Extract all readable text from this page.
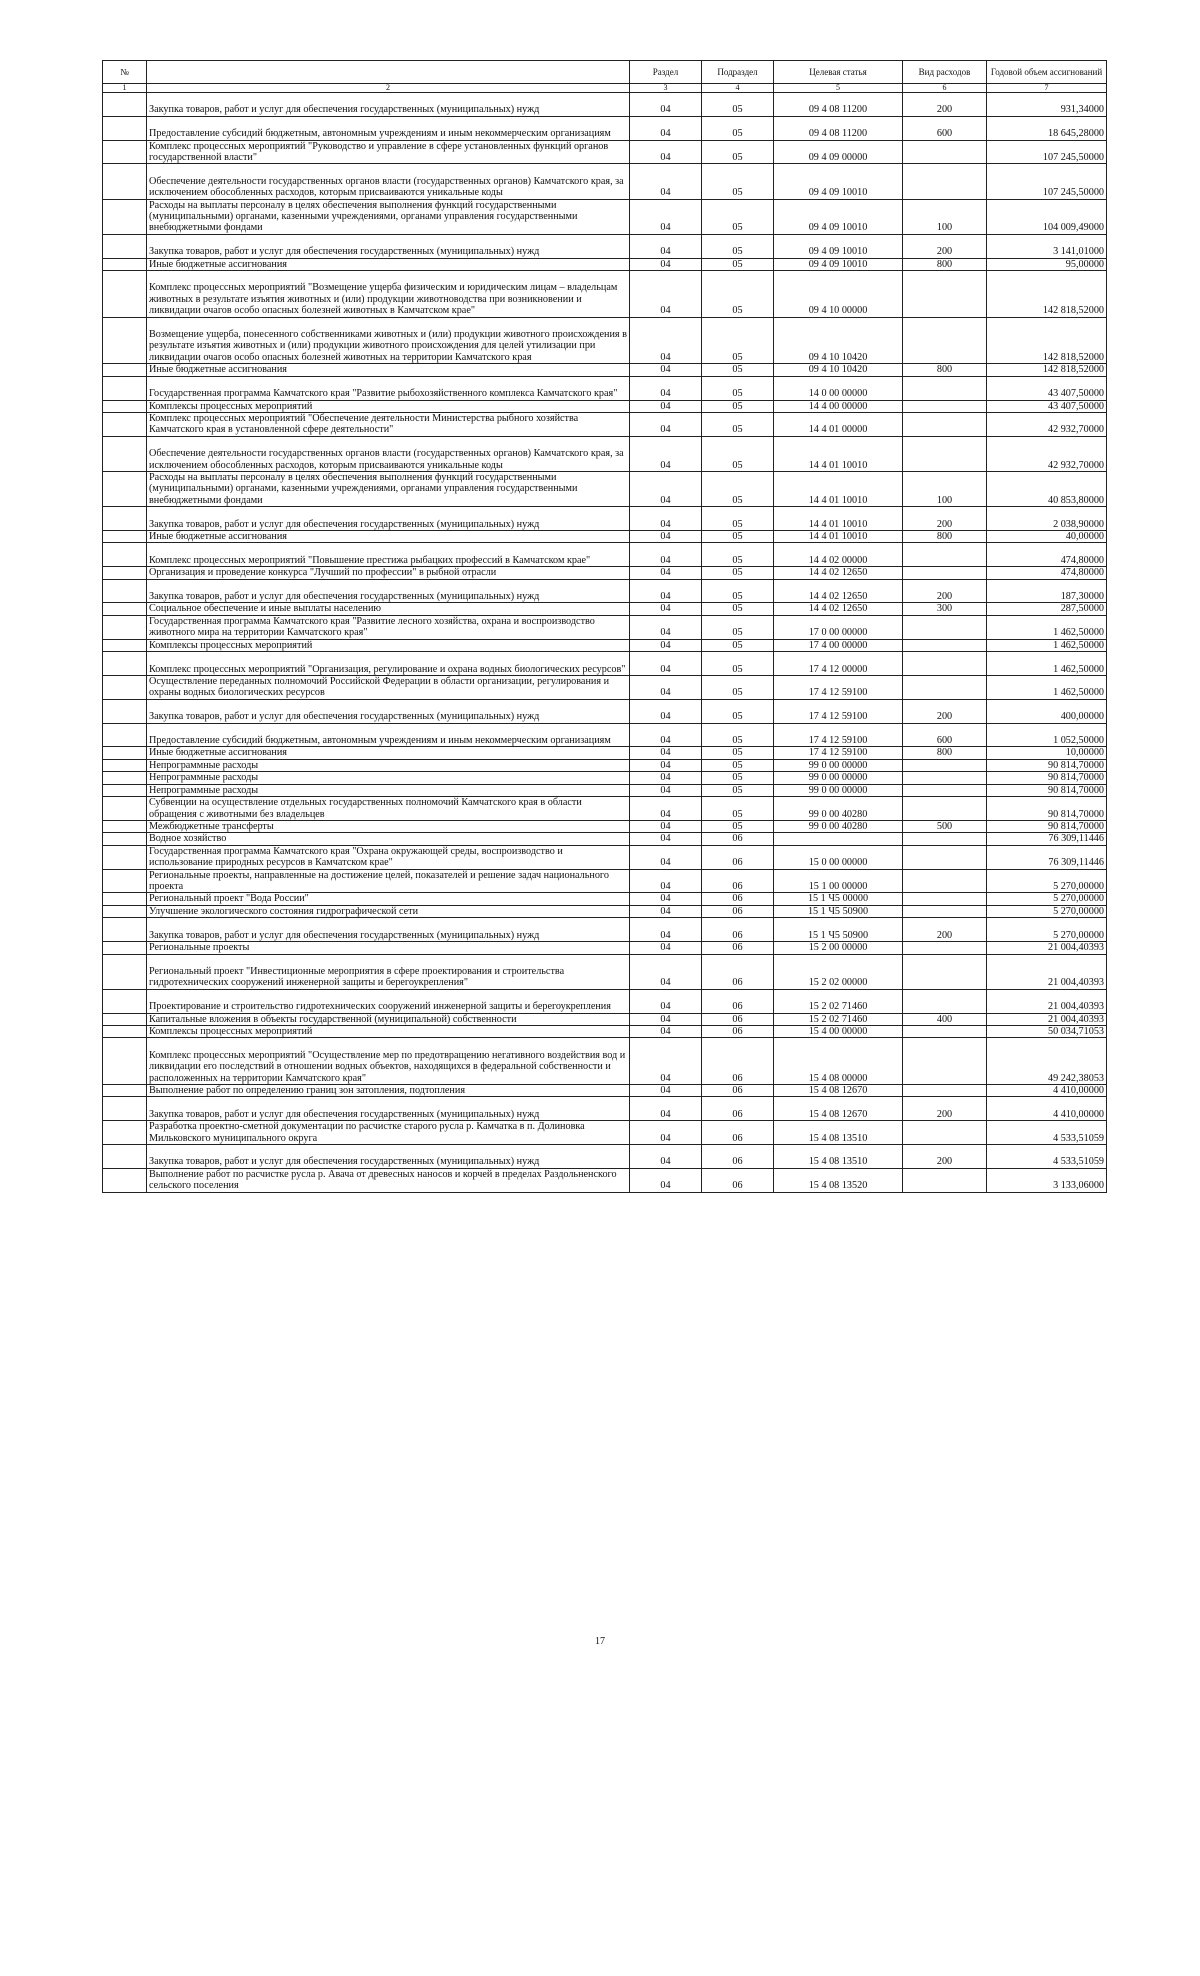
№		Раздел	Подраздел	Целевая статья	Вид расходов	Годовой объем ассигнований
1	2	3	4	5	6	7
	Закупка товаров, работ и услуг для обеспечения государственных (муниципальных) нужд	04	05	09 4 08 11200	200	931,34000
	Предоставление субсидий бюджетным, автономным учреждениям и иным некоммерческим организациям	04	05	09 4 08 11200	600	18 645,28000
	Комплекс процессных мероприятий "Руководство и управление в сфере установленных функций органов государственной власти"	04	05	09 4 09 00000		107 245,50000
	Обеспечение деятельности государственных органов власти (государственных органов) Камчатского края, за исключением обособленных расходов, которым присваиваются уникальные коды	04	05	09 4 09 10010		107 245,50000
	Расходы на выплаты персоналу в целях обеспечения выполнения функций государственными (муниципальными) органами, казенными учреждениями, органами управления государственными внебюджетными фондами	04	05	09 4 09 10010	100	104 009,49000
	Закупка товаров, работ и услуг для обеспечения государственных (муниципальных) нужд	04	05	09 4 09 10010	200	3 141,01000
	Иные бюджетные ассигнования	04	05	09 4 09 10010	800	95,00000
	Комплекс процессных мероприятий "Возмещение ущерба физическим и юридическим лицам – владельцам животных в результате изъятия животных и (или) продукции животноводства при возникновении и ликвидации очагов особо опасных болезней животных в Камчатском крае"	04	05	09 4 10 00000		142 818,52000
	Возмещение ущерба, понесенного собственниками животных и (или) продукции животного происхождения в результате изъятия животных и (или) продукции животного происхождения для целей утилизации при ликвидации очагов особо опасных болезней животных на территории Камчатского края	04	05	09 4 10 10420		142 818,52000
	Иные бюджетные ассигнования	04	05	09 4 10 10420	800	142 818,52000
	Государственная программа Камчатского края "Развитие рыбохозяйственного комплекса Камчатского края"	04	05	14 0 00 00000		43 407,50000
	Комплексы процессных мероприятий	04	05	14 4 00 00000		43 407,50000
	Комплекс процессных мероприятий "Обеспечение деятельности Министерства рыбного хозяйства Камчатского края в установленной сфере деятельности"	04	05	14 4 01 00000		42 932,70000
	Обеспечение деятельности государственных органов власти (государственных органов) Камчатского края, за исключением обособленных расходов, которым присваиваются уникальные коды	04	05	14 4 01 10010		42 932,70000
	Расходы на выплаты персоналу в целях обеспечения выполнения функций государственными (муниципальными) органами, казенными учреждениями, органами управления государственными внебюджетными фондами	04	05	14 4 01 10010	100	40 853,80000
	Закупка товаров, работ и услуг для обеспечения государственных (муниципальных) нужд	04	05	14 4 01 10010	200	2 038,90000
	Иные бюджетные ассигнования	04	05	14 4 01 10010	800	40,00000
	Комплекс процессных мероприятий "Повышение престижа рыбацких профессий в Камчатском крае"	04	05	14 4 02 00000		474,80000
	Организация и проведение конкурса "Лучший по профессии" в рыбной отрасли	04	05	14 4 02 12650		474,80000
	Закупка товаров, работ и услуг для обеспечения государственных (муниципальных) нужд	04	05	14 4 02 12650	200	187,30000
	Социальное обеспечение и иные выплаты населению	04	05	14 4 02 12650	300	287,50000
	Государственная программа Камчатского края "Развитие лесного хозяйства, охрана и воспроизводство животного мира на территории Камчатского края"	04	05	17 0 00 00000		1 462,50000
	Комплексы процессных мероприятий	04	05	17 4 00 00000		1 462,50000
	Комплекс процессных мероприятий "Организация, регулирование и охрана водных биологических ресурсов"	04	05	17 4 12 00000		1 462,50000
	Осуществление переданных полномочий Российской Федерации в области организации, регулирования и охраны водных биологических ресурсов	04	05	17 4 12 59100		1 462,50000
	Закупка товаров, работ и услуг для обеспечения государственных (муниципальных) нужд	04	05	17 4 12 59100	200	400,00000
	Предоставление субсидий бюджетным, автономным учреждениям и иным некоммерческим организациям	04	05	17 4 12 59100	600	1 052,50000
	Иные бюджетные ассигнования	04	05	17 4 12 59100	800	10,00000
	Непрограммные расходы	04	05	99 0 00 00000		90 814,70000
	Непрограммные расходы	04	05	99 0 00 00000		90 814,70000
	Непрограммные расходы	04	05	99 0 00 00000		90 814,70000
	Субвенции на осуществление отдельных государственных полномочий Камчатского края в области обращения с животными без владельцев	04	05	99 0 00 40280		90 814,70000
	Межбюджетные трансферты	04	05	99 0 00 40280	500	90 814,70000
	Водное хозяйство	04	06			76 309,11446
	Государственная программа Камчатского края "Охрана окружающей среды, воспроизводство и использование природных ресурсов в Камчатском крае"	04	06	15 0 00 00000		76 309,11446
	Региональные проекты, направленные на достижение целей, показателей и решение задач национального проекта	04	06	15 1 00 00000		5 270,00000
	Региональный проект "Вода России"	04	06	15 1 Ч5 00000		5 270,00000
	Улучшение экологического состояния гидрографической сети	04	06	15 1 Ч5 50900		5 270,00000
	Закупка товаров, работ и услуг для обеспечения государственных (муниципальных) нужд	04	06	15 1 Ч5 50900	200	5 270,00000
	Региональные проекты	04	06	15 2 00 00000		21 004,40393
	Региональный проект "Инвестиционные мероприятия в сфере проектирования и строительства гидротехнических сооружений инженерной защиты и берегоукрепления"	04	06	15 2 02 00000		21 004,40393
	Проектирование и строительство гидротехнических сооружений инженерной защиты и берегоукрепления	04	06	15 2 02 71460		21 004,40393
	Капитальные вложения в объекты государственной (муниципальной) собственности	04	06	15 2 02 71460	400	21 004,40393
	Комплексы процессных мероприятий	04	06	15 4 00 00000		50 034,71053
	Комплекс процессных мероприятий "Осуществление мер по предотвращению негативного воздействия вод и ликвидации его последствий в отношении водных объектов, находящихся в федеральной собственности и расположенных на территории Камчатского края"	04	06	15 4 08 00000		49 242,38053
	Выполнение работ по определению границ зон затопления, подтопления	04	06	15 4 08 12670		4 410,00000
	Закупка товаров, работ и услуг для обеспечения государственных (муниципальных) нужд	04	06	15 4 08 12670	200	4 410,00000
	Разработка проектно-сметной документации по расчистке старого русла р. Камчатка в п. Долиновка Мильковского муниципального округа	04	06	15 4 08 13510		4 533,51059
	Закупка товаров, работ и услуг для обеспечения государственных (муниципальных) нужд	04	06	15 4 08 13510	200	4 533,51059
	Выполнение работ по расчистке русла р. Авача от древесных наносов и корчей в пределах Раздольненского сельского поселения	04	06	15 4 08 13520		3 133,06000
17
